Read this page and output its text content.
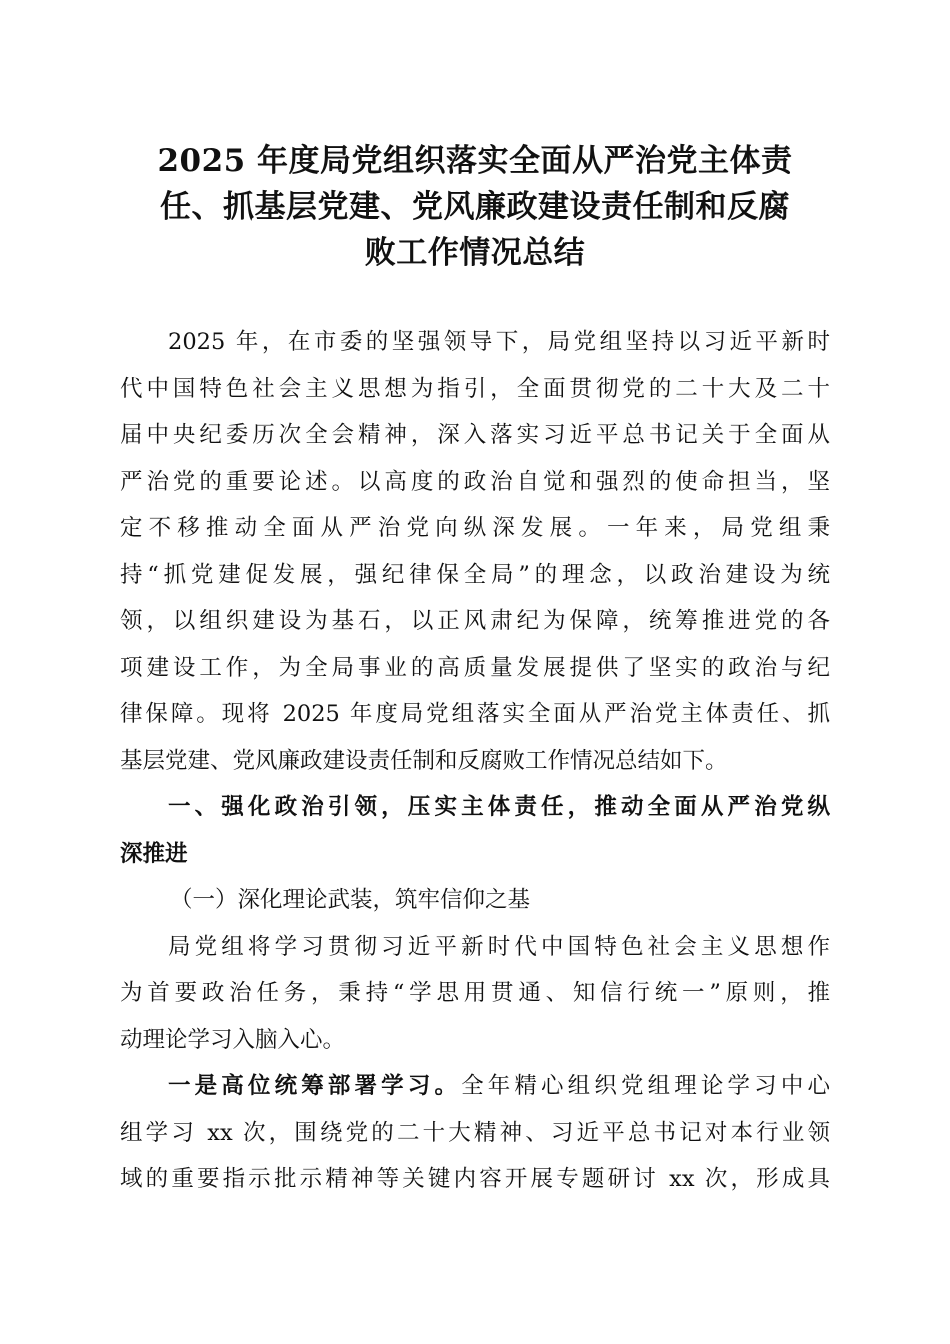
2025 年度局党组织落实全面从严治党主体责
任、抓基层党建、党风廉政建设责任制和反腐
败工作情况总结
2025 年，在市委的坚强领导下，局党组坚持以习近平新时
代中国特色社会主义思想为指引，全面贯彻党的二十大及二十
届中央纪委历次全会精神，深入落实习近平总书记关于全面从
严治党的重要论述。以高度的政治自觉和强烈的使命担当，坚
定不移推动全面从严治党向纵深发展。一年来，局党组秉
持“抓党建促发展，强纪律保全局”的理念，以政治建设为统
领，以组织建设为基石，以正风肃纪为保障，统筹推进党的各
项建设工作，为全局事业的高质量发展提供了坚实的政治与纪
律保障。现将 2025 年度局党组落实全面从严治党主体责任、抓
基层党建、党风廉政建设责任制和反腐败工作情况总结如下。
一、强化政治引领，压实主体责任，推动全面从严治党纵
深推进
（一）深化理论武装，筑牢信仰之基
局党组将学习贯彻习近平新时代中国特色社会主义思想作
为首要政治任务，秉持“学思用贯通、知信行统一”原则，推
动理论学习入脑入心。
一是高位统筹部署学习。全年精心组织党组理论学习中心
组学习 xx 次，围绕党的二十大精神、习近平总书记对本行业领
域的重要指示批示精神等关键内容开展专题研讨 xx 次，形成具
